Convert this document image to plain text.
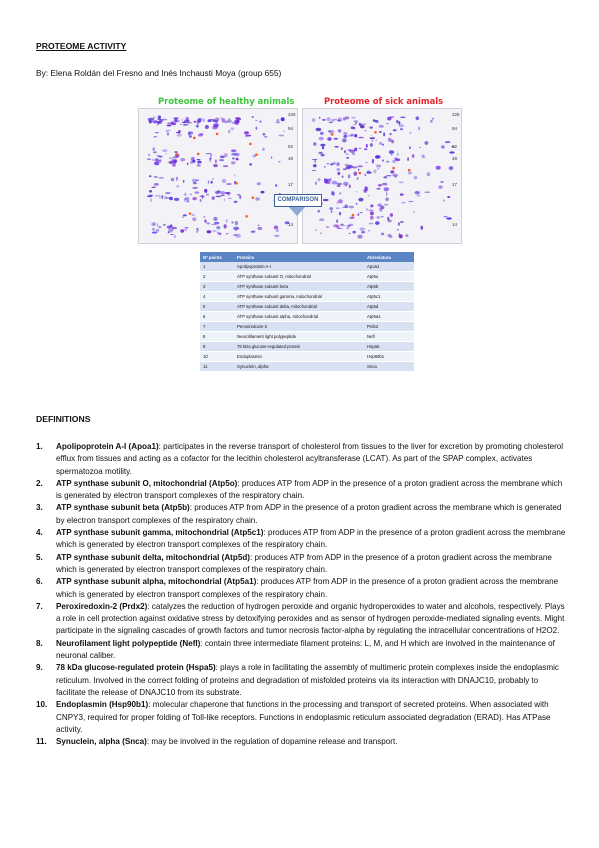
PROTEOME ACTIVITY
By: Elena Roldán del Fresno and Inés Inchausti Moya (group 655)
Proteome of healthy animals	Proteome of sick animals
225
94
62
48
17
14
225
94
62
48
17
14
COMPARISON
Nº points	Proteins	Abreviatura
1	Apolipoprotein A-I	Apoa1
2	ATP synthase subunit O, mitochondrial	Atp5o
3	ATP synthase subunit beta	Atp5b
4	ATP synthase subunit gamma, mitochondrial	Atp5c1
5	ATP synthase subunit delta, mitochondrial	Atp5d
6	ATP synthase subunit alpha, mitochondrial	Atp5a1
7	Peroxiredoxin-2	Prdx2
8	Neurofilament light polypeptide	Nefl
9	78 kDa glucose-regulated protein	Hspa5
10	Endoplasmin	Hsp90b1
11	Synuclein, alpha	Snca
DEFINITIONS
1. Apolipoprotein A-I (Apoa1): participates in the reverse transport of cholesterol from tissues to the liver for excretion by promoting cholesterol efflux from tissues and acting as a cofactor for the lecithin cholesterol acyltransferase (LCAT). As part of the SPAP complex, activates spermatozoa motility.
2. ATP synthase subunit O, mitochondrial (Atp5o): produces ATP from ADP in the presence of a proton gradient across the membrane which is generated by electron transport complexes of the respiratory chain.
3. ATP synthase subunit beta (Atp5b): produces ATP from ADP in the presence of a proton gradient across the membrane which is generated by electron transport complexes of the respiratory chain.
4. ATP synthase subunit gamma, mitochondrial (Atp5c1): produces ATP from ADP in the presence of a proton gradient across the membrane which is generated by electron transport complexes of the respiratory chain.
5. ATP synthase subunit delta, mitochondrial (Atp5d): produces ATP from ADP in the presence of a proton gradient across the membrane which is generated by electron transport complexes of the respiratory chain.
6. ATP synthase subunit alpha, mitochondrial (Atp5a1): produces ATP from ADP in the presence of a proton gradient across the membrane which is generated by electron transport complexes of the respiratory chain.
7. Peroxiredoxin-2 (Prdx2): catalyzes the reduction of hydrogen peroxide and organic hydroperoxides to water and alcohols, respectively. Plays a role in cell protection against oxidative stress by detoxifying peroxides and as sensor of hydrogen peroxide-mediated signaling events. Might participate in the signaling cascades of growth factors and tumor necrosis factor-alpha by regulating the intracellular concentrations of H2O2.
8. Neurofilament light polypeptide (Nefl): contain three intermediate filament proteins: L, M, and H which are involved in the maintenance of neuronal caliber.
9. 78 kDa glucose-regulated protein (Hspa5): plays a role in facilitating the assembly of multimeric protein complexes inside the endoplasmic reticulum. Involved in the correct folding of proteins and degradation of misfolded proteins via its interaction with DNAJC10, probably to facilitate the release of DNAJC10 from its substrate.
10. Endoplasmin (Hsp90b1): molecular chaperone that functions in the processing and transport of secreted proteins. When associated with CNPY3, required for proper folding of Toll-like receptors. Functions in endoplasmic reticulum associated degradation (ERAD). Has ATPase activity.
11. Synuclein, alpha (Snca): may be involved in the regulation of dopamine release and transport.
